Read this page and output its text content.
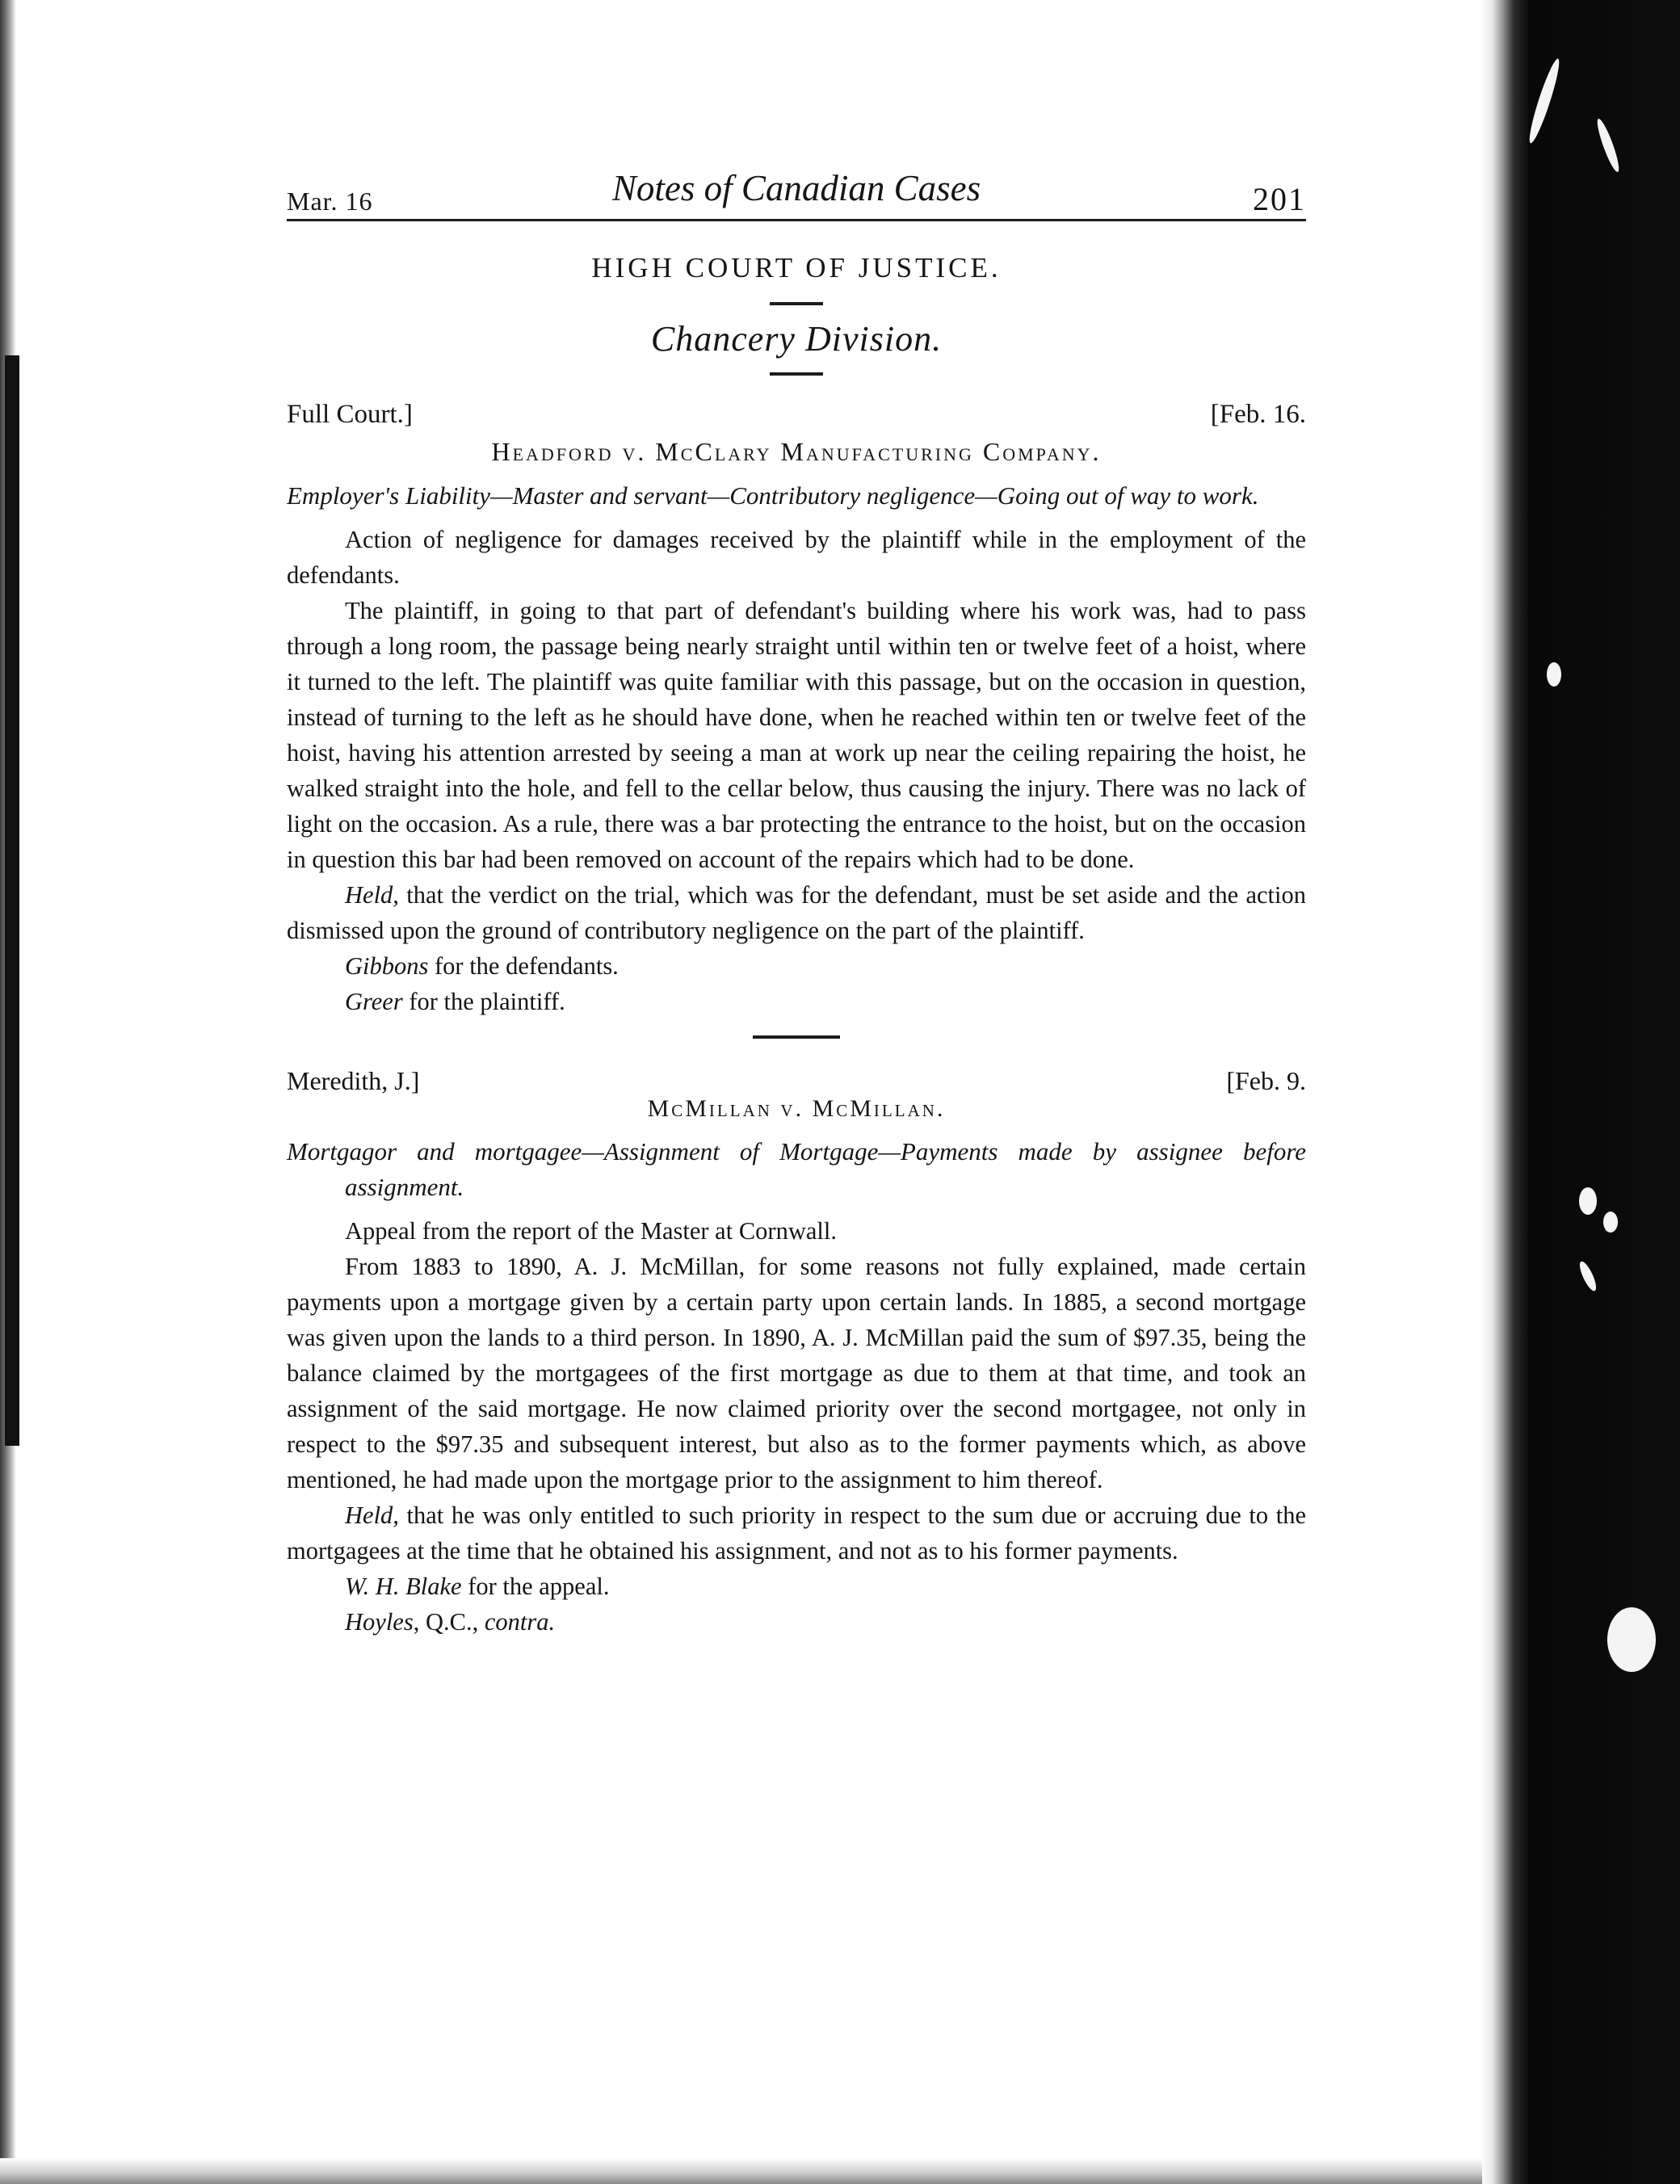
Mar. 16	Notes of Canadian Cases	201
HIGH COURT OF JUSTICE.
Chancery Division.
Full Court.]	[Feb. 16.
Headford v. McClary Manufacturing Company.
Employer's Liability—Master and servant—Contributory negligence—Going out of way to work.

Action of negligence for damages received by the plaintiff while in the employment of the defendants.

The plaintiff, in going to that part of defendant's building where his work was, had to pass through a long room, the passage being nearly straight until within ten or twelve feet of a hoist, where it turned to the left. The plaintiff was quite familiar with this passage, but on the occasion in question, instead of turning to the left as he should have done, when he reached within ten or twelve feet of the hoist, having his attention arrested by seeing a man at work up near the ceiling repairing the hoist, he walked straight into the hole, and fell to the cellar below, thus causing the injury. There was no lack of light on the occasion. As a rule, there was a bar protecting the entrance to the hoist, but on the occasion in question this bar had been removed on account of the repairs which had to be done.

Held, that the verdict on the trial, which was for the defendant, must be set aside and the action dismissed upon the ground of contributory negligence on the part of the plaintiff.

Gibbons for the defendants.
Greer for the plaintiff.
Meredith, J.]	[Feb. 9.
McMillan v. McMillan.
Mortgagor and mortgagee—Assignment of Mortgage—Payments made by assignee before assignment.

Appeal from the report of the Master at Cornwall.

From 1883 to 1890, A. J. McMillan, for some reasons not fully explained, made certain payments upon a mortgage given by a certain party upon certain lands. In 1885, a second mortgage was given upon the lands to a third person. In 1890, A. J. McMillan paid the sum of $97.35, being the balance claimed by the mortgagees of the first mortgage as due to them at that time, and took an assignment of the said mortgage. He now claimed priority over the second mortgagee, not only in respect to the $97.35 and subsequent interest, but also as to the former payments which, as above mentioned, he had made upon the mortgage prior to the assignment to him thereof.

Held, that he was only entitled to such priority in respect to the sum due or accruing due to the mortgagees at the time that he obtained his assignment, and not as to his former payments.

W. H. Blake for the appeal.
Hoyles, Q.C., contra.
